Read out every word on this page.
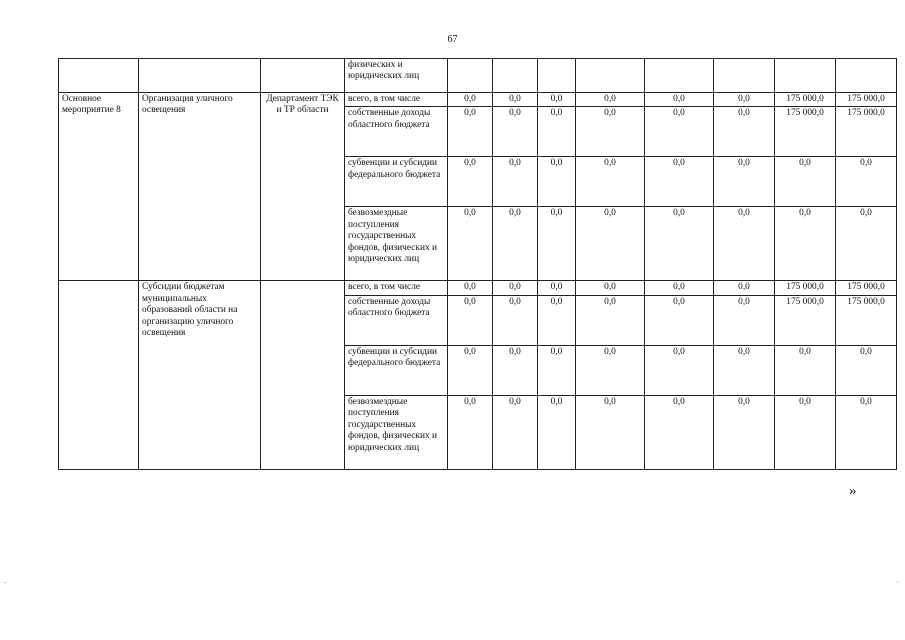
67
			физических и юридических лиц								
Основное мероприятие 8	Организация уличного освещения	Департамент ТЭК и ТР области	всего, в том числе	0,0	0,0	0,0	0,0	0,0	0,0	175 000,0	175 000,0
			собственные доходы областного бюджета	0,0	0,0	0,0	0,0	0,0	0,0	175 000,0	175 000,0
			субвенции и субсидии федерального бюджета	0,0	0,0	0,0	0,0	0,0	0,0	0,0	0,0
			безвозмездные поступления государственных фондов, физических и юридических лиц	0,0	0,0	0,0	0,0	0,0	0,0	0,0	0,0
	Субсидии бюджетам муниципальных образований области на организацию уличного освещения		всего, в том числе	0,0	0,0	0,0	0,0	0,0	0,0	175 000,0	175 000,0
			собственные доходы областного бюджета	0,0	0,0	0,0	0,0	0,0	0,0	175 000,0	175 000,0
			субвенции и субсидии федерального бюджета	0,0	0,0	0,0	0,0	0,0	0,0	0,0	0,0
			безвозмездные поступления государственных фондов, физических и юридических лиц	0,0	0,0	0,0	0,0	0,0	0,0	0,0	0,0
»
-	·
